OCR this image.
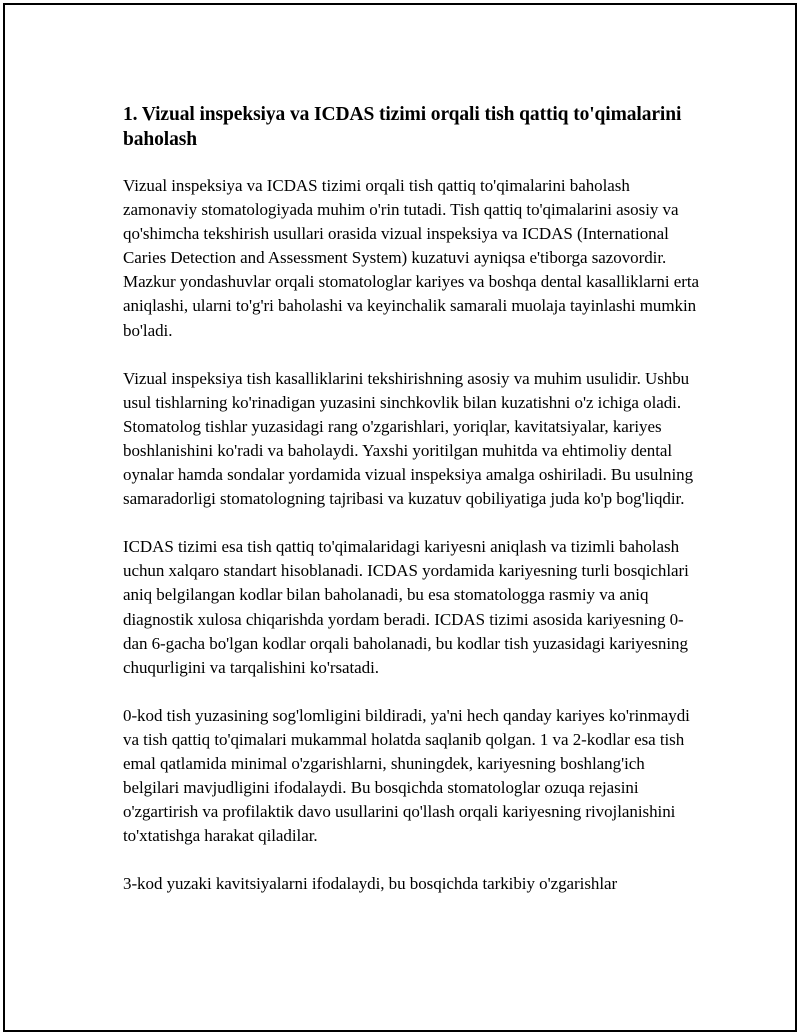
1. Vizual inspeksiya va ICDAS tizimi orqali tish qattiq to'qimalarini baholash

Vizual inspeksiya va ICDAS tizimi orqali tish qattiq to'qimalarini baholash zamonaviy stomatologiyada muhim o'rin tutadi. Tish qattiq to'qimalarini asosiy va qo'shimcha tekshirish usullari orasida vizual inspeksiya va ICDAS (International Caries Detection and Assessment System) kuzatuvi ayniqsa e'tiborga sazovordir. Mazkur yondashuvlar orqali stomatologlar kariyes va boshqa dental kasalliklarni erta aniqlashi, ularni to'g'ri baholashi va keyinchalik samarali muolaja tayinlashi mumkin bo'ladi.

Vizual inspeksiya tish kasalliklarini tekshirishning asosiy va muhim usulidir. Ushbu usul tishlarning ko'rinadigan yuzasini sinchkovlik bilan kuzatishni o'z ichiga oladi. Stomatolog tishlar yuzasidagi rang o'zgarishlari, yoriqlar, kavitatsiyalar, kariyes boshlanishini ko'radi va baholaydi. Yaxshi yoritilgan muhitda va ehtimoliy dental oynalar hamda sondalar yordamida vizual inspeksiya amalga oshiriladi. Bu usulning samaradorligi stomatologning tajribasi va kuzatuv qobiliyatiga juda ko'p bog'liqdir.

ICDAS tizimi esa tish qattiq to'qimalaridagi kariyesni aniqlash va tizimli baholash uchun xalqaro standart hisoblanadi. ICDAS yordamida kariyesning turli bosqichlari aniq belgilangan kodlar bilan baholanadi, bu esa stomatologga rasmiy va aniq diagnostik xulosa chiqarishda yordam beradi. ICDAS tizimi asosida kariyesning 0-dan 6-gacha bo'lgan kodlar orqali baholanadi, bu kodlar tish yuzasidagi kariyesning chuqurligini va tarqalishini ko'rsatadi.

0-kod tish yuzasining sog'lomligini bildiradi, ya'ni hech qanday kariyes ko'rinmaydi va tish qattiq to'qimalari mukammal holatda saqlanib qolgan. 1 va 2-kodlar esa tish emal qatlamida minimal o'zgarishlarni, shuningdek, kariyesning boshlang'ich belgilari mavjudligini ifodalaydi. Bu bosqichda stomatologlar ozuqa rejasini o'zgartirish va profilaktik davo usullarini qo'llash orqali kariyesning rivojlanishini to'xtatishga harakat qiladilar.

3-kod yuzaki kavitsiyalarni ifodalaydi, bu bosqichda tarkibiy o'zgarishlar
